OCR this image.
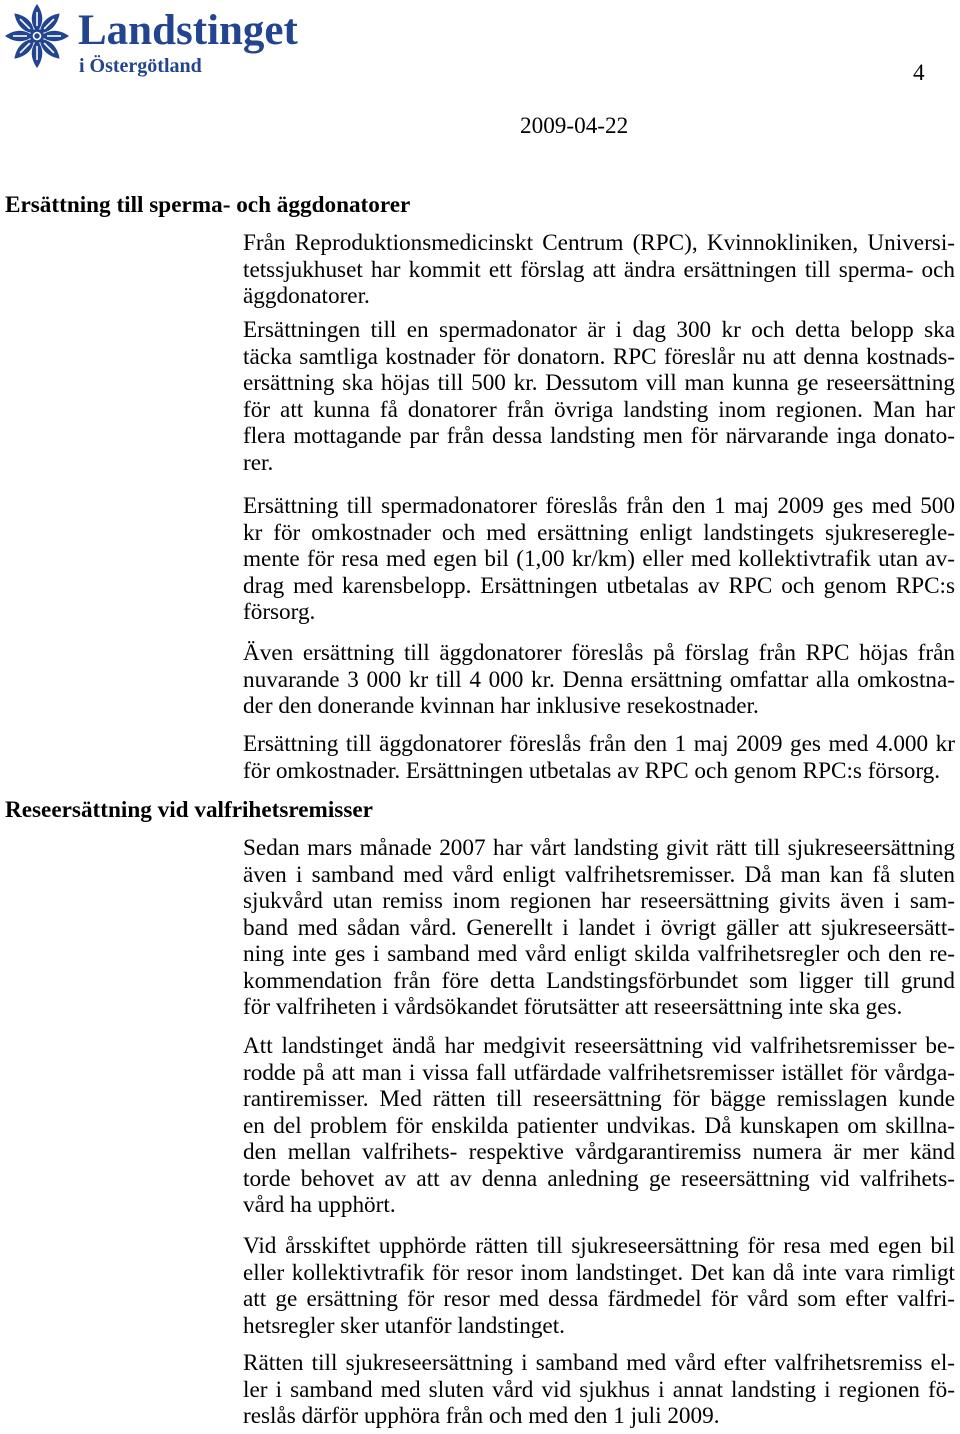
Landstinget
i Östergötland	4
2009-04-22
Ersättning till sperma- och äggdonatorer
Från Reproduktionsmedicinskt Centrum (RPC), Kvinnokliniken, Universi-
tetssjukhuset har kommit ett förslag att ändra ersättningen till sperma- och
äggdonatorer.
Ersättningen till en spermadonator är i dag 300 kr och detta belopp ska
täcka samtliga kostnader för donatorn. RPC föreslår nu att denna kostnads-
ersättning ska höjas till 500 kr. Dessutom vill man kunna ge reseersättning
för att kunna få donatorer från övriga landsting inom regionen. Man har
flera mottagande par från dessa landsting men för närvarande inga donato-
rer.
Ersättning till spermadonatorer föreslås från den 1 maj 2009 ges med 500
kr för omkostnader och med ersättning enligt landstingets sjukreseregle-
mente för resa med egen bil (1,00 kr/km) eller med kollektivtrafik utan av-
drag med karensbelopp. Ersättningen utbetalas av RPC och genom RPC:s
försorg.
Även ersättning till äggdonatorer föreslås på förslag från RPC höjas från
nuvarande 3 000 kr till 4 000 kr. Denna ersättning omfattar alla omkostna-
der den donerande kvinnan har inklusive resekostnader.
Ersättning till äggdonatorer föreslås från den 1 maj 2009 ges med 4.000 kr
för omkostnader. Ersättningen utbetalas av RPC och genom RPC:s försorg.
Reseersättning vid valfrihetsremisser
Sedan mars månade 2007 har vårt landsting givit rätt till sjukreseersättning
även i samband med vård enligt valfrihetsremisser. Då man kan få sluten
sjukvård utan remiss inom regionen har reseersättning givits även i sam-
band med sådan vård. Generellt i landet i övrigt gäller att sjukreseersätt-
ning inte ges i samband med vård enligt skilda valfrihetsregler och den re-
kommendation från före detta Landstingsförbundet som ligger till grund
för valfriheten i vårdsökandet förutsätter att reseersättning inte ska ges.
Att landstinget ändå har medgivit reseersättning vid valfrihetsremisser be-
rodde på att man i vissa fall utfärdade valfrihetsremisser istället för vårdga-
rantiremisser. Med rätten till reseersättning för bägge remisslagen kunde
en del problem för enskilda patienter undvikas. Då kunskapen om skillna-
den mellan valfrihets- respektive vårdgarantiremiss numera är mer känd
torde behovet av att av denna anledning ge reseersättning vid valfrihets-
vård ha upphört.
Vid årsskiftet upphörde rätten till sjukreseersättning för resa med egen bil
eller kollektivtrafik för resor inom landstinget. Det kan då inte vara rimligt
att ge ersättning för resor med dessa färdmedel för vård som efter valfri-
hetsregler sker utanför landstinget.
Rätten till sjukreseersättning i samband med vård efter valfrihetsremiss el-
ler i samband med sluten vård vid sjukhus i annat landsting i regionen fö-
reslås därför upphöra från och med den 1 juli 2009.
